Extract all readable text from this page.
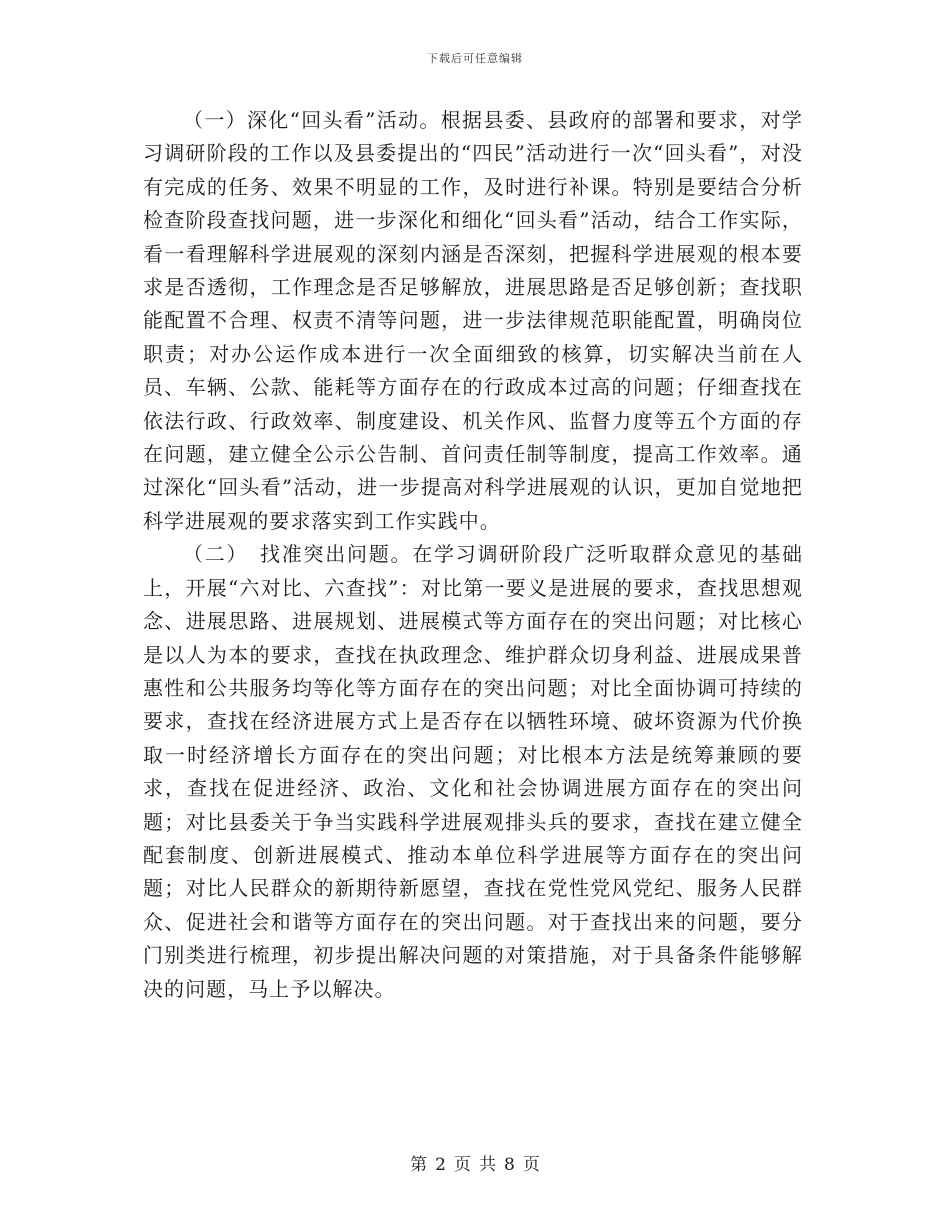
下载后可任意编辑

（一）深化“回头看”活动。根据县委、县政府的部署和要求，对学习调研阶段的工作以及县委提出的“四民”活动进行一次“回头看”，对没有完成的任务、效果不明显的工作，及时进行补课。特别是要结合分析检查阶段查找问题，进一步深化和细化“回头看”活动，结合工作实际，看一看理解科学进展观的深刻内涵是否深刻，把握科学进展观的根本要求是否透彻，工作理念是否足够解放，进展思路是否足够创新；查找职能配置不合理、权责不清等问题，进一步法律规范职能配置，明确岗位职责；对办公运作成本进行一次全面细致的核算，切实解决当前在人员、车辆、公款、能耗等方面存在的行政成本过高的问题；仔细查找在依法行政、行政效率、制度建设、机关作风、监督力度等五个方面的存在问题，建立健全公示公告制、首问责任制等制度，提高工作效率。通过深化“回头看”活动，进一步提高对科学进展观的认识，更加自觉地把科学进展观的要求落实到工作实践中。

（二）　找准突出问题。在学习调研阶段广泛听取群众意见的基础上，开展“六对比、六查找”：对比第一要义是进展的要求，查找思想观念、进展思路、进展规划、进展模式等方面存在的突出问题；对比核心是以人为本的要求，查找在执政理念、维护群众切身利益、进展成果普惠性和公共服务均等化等方面存在的突出问题；对比全面协调可持续的要求，查找在经济进展方式上是否存在以牺牲环境、破坏资源为代价换取一时经济增长方面存在的突出问题；对比根本方法是统筹兼顾的要求，查找在促进经济、政治、文化和社会协调进展方面存在的突出问题；对比县委关于争当实践科学进展观排头兵的要求，查找在建立健全配套制度、创新进展模式、推动本单位科学进展等方面存在的突出问题；对比人民群众的新期待新愿望，查找在党性党风党纪、服务人民群众、促进社会和谐等方面存在的突出问题。对于查找出来的问题，要分门别类进行梳理，初步提出解决问题的对策措施，对于具备条件能够解决的问题，马上予以解决。

第 2 页 共 8 页
